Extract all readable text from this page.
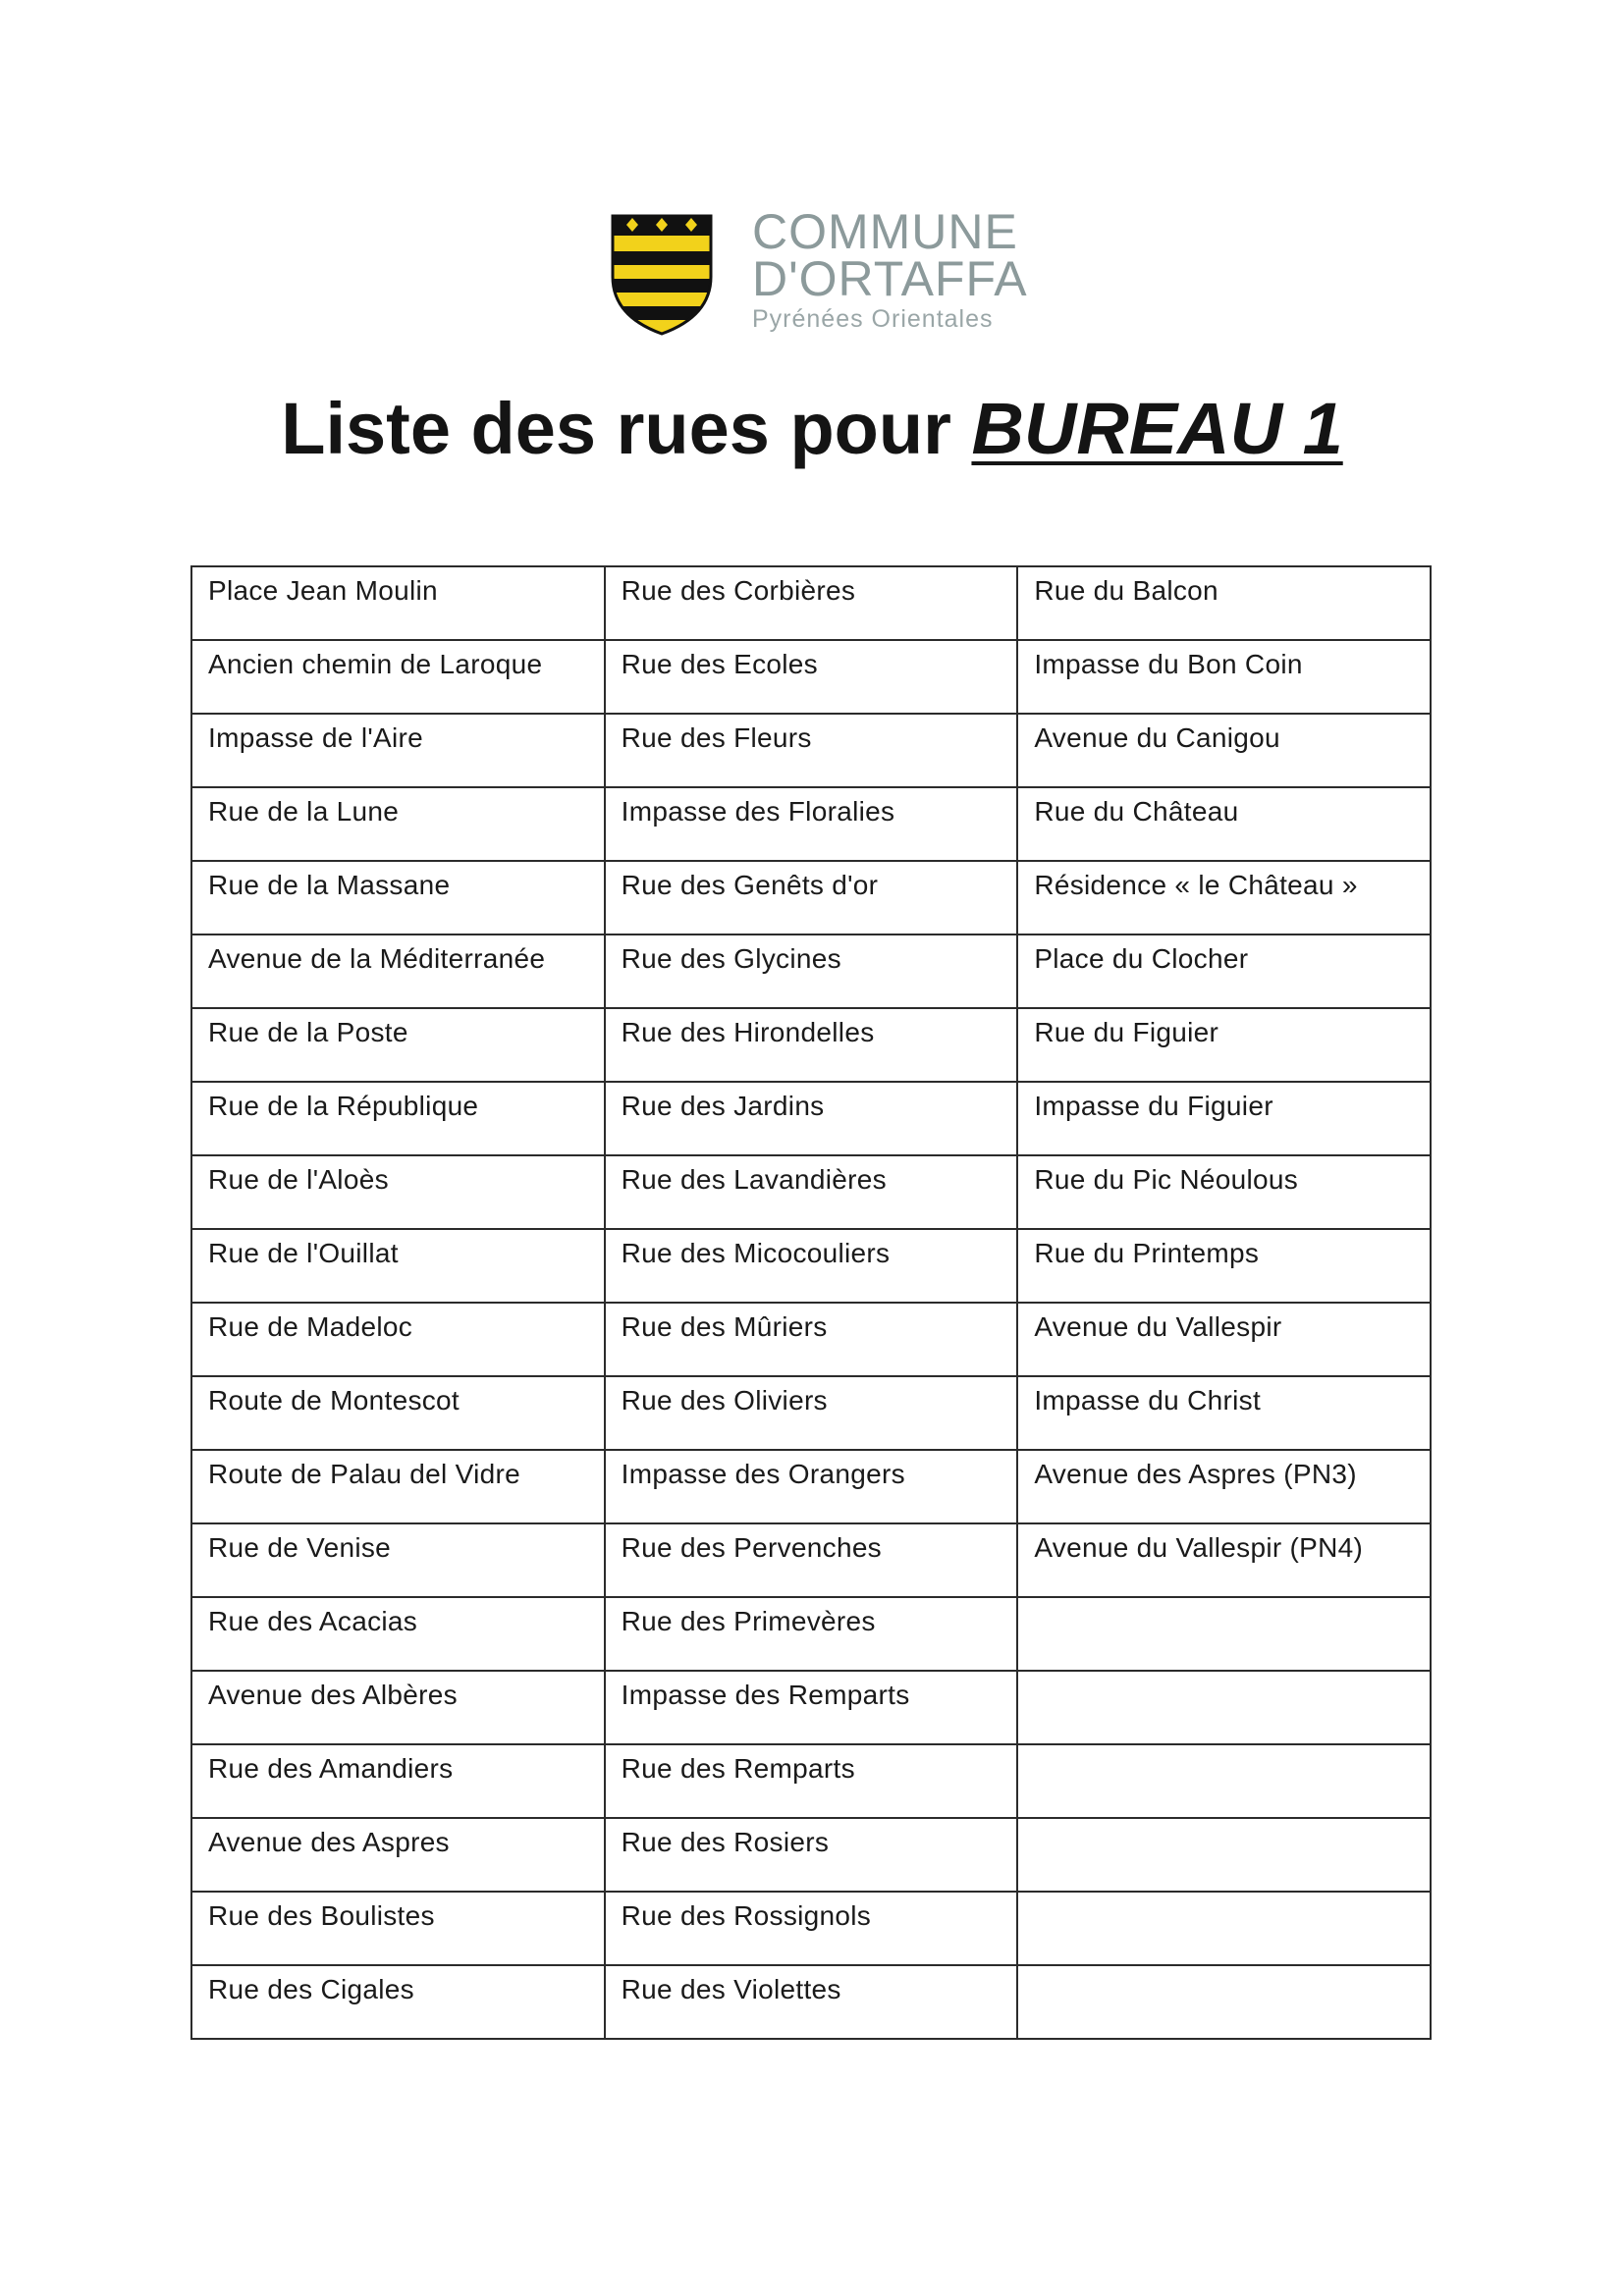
COMMUNE
D'ORTAFFA
Pyrénées Orientales
Liste des rues pour BUREAU 1
Place Jean Moulin	Rue des Corbières	Rue du Balcon

Ancien chemin de Laroque	Rue des Ecoles	Impasse du Bon Coin

Impasse de l'Aire	Rue des Fleurs	Avenue du Canigou

Rue de la Lune	Impasse des Floralies	Rue du Château

Rue de la Massane	Rue des Genêts d'or	Résidence « le Château »

Avenue de la Méditerranée	Rue des Glycines	Place du Clocher

Rue de la Poste	Rue des Hirondelles	Rue du Figuier

Rue de la République	Rue des Jardins	Impasse du Figuier

Rue de l'Aloès	Rue des Lavandières	Rue du Pic Néoulous

Rue de l'Ouillat	Rue des Micocouliers	Rue du Printemps

Rue de Madeloc	Rue des Mûriers	Avenue du Vallespir

Route de Montescot	Rue des Oliviers	Impasse du Christ

Route de Palau del Vidre	Impasse des Orangers	Avenue des Aspres (PN3)

Rue de Venise	Rue des Pervenches	Avenue du Vallespir (PN4)

Rue des Acacias	Rue des Primevères	

Avenue des Albères	Impasse des Remparts	

Rue des Amandiers	Rue des Remparts	

Avenue des Aspres	Rue des Rosiers	

Rue des Boulistes	Rue des Rossignols	

Rue des Cigales	Rue des Violettes	
